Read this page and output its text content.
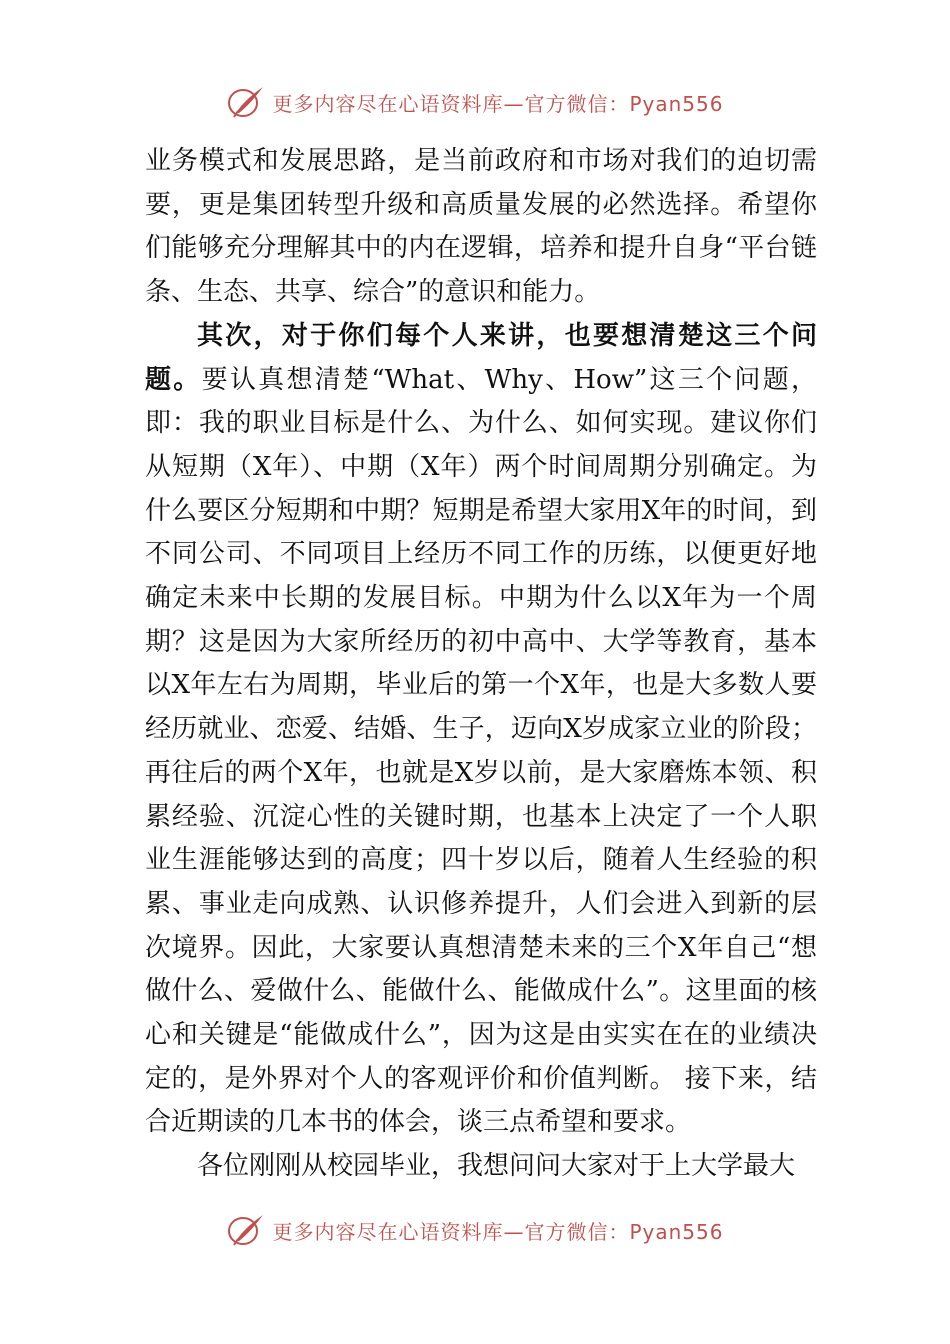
更多内容尽在心语资料库—官方微信：Pyan556

业务模式和发展思路，是当前政府和市场对我们的迫切需要，更是集团转型升级和高质量发展的必然选择。希望你们能够充分理解其中的内在逻辑，培养和提升自身“平台链条、生态、共享、综合”的意识和能力。

其次，对于你们每个人来讲，也要想清楚这三个问题。要认真想清楚“What、Why、How”这三个问题，即：我的职业目标是什么、为什么、如何实现。建议你们从短期（X年）、中期（X年）两个时间周期分别确定。为什么要区分短期和中期？短期是希望大家用X年的时间，到不同公司、不同项目上经历不同工作的历练，以便更好地确定未来中长期的发展目标。中期为什么以X年为一个周期？这是因为大家所经历的初中高中、大学等教育，基本以X年左右为周期，毕业后的第一个X年，也是大多数人要经历就业、恋爱、结婚、生子，迈向X岁成家立业的阶段；再往后的两个X年，也就是X岁以前，是大家磨炼本领、积累经验、沉淀心性的关键时期，也基本上决定了一个人职业生涯能够达到的高度；四十岁以后，随着人生经验的积累、事业走向成熟、认识修养提升，人们会进入到新的层次境界。因此，大家要认真想清楚未来的三个X年自己“想做什么、爱做什么、能做什么、能做成什么”。这里面的核心和关键是“能做成什么”，因为这是由实实在在的业绩决定的，是外界对个人的客观评价和价值判断。 接下来，结合近期读的几本书的体会，谈三点希望和要求。

各位刚刚从校园毕业，我想问问大家对于上大学最大

更多内容尽在心语资料库—官方微信：Pyan556
